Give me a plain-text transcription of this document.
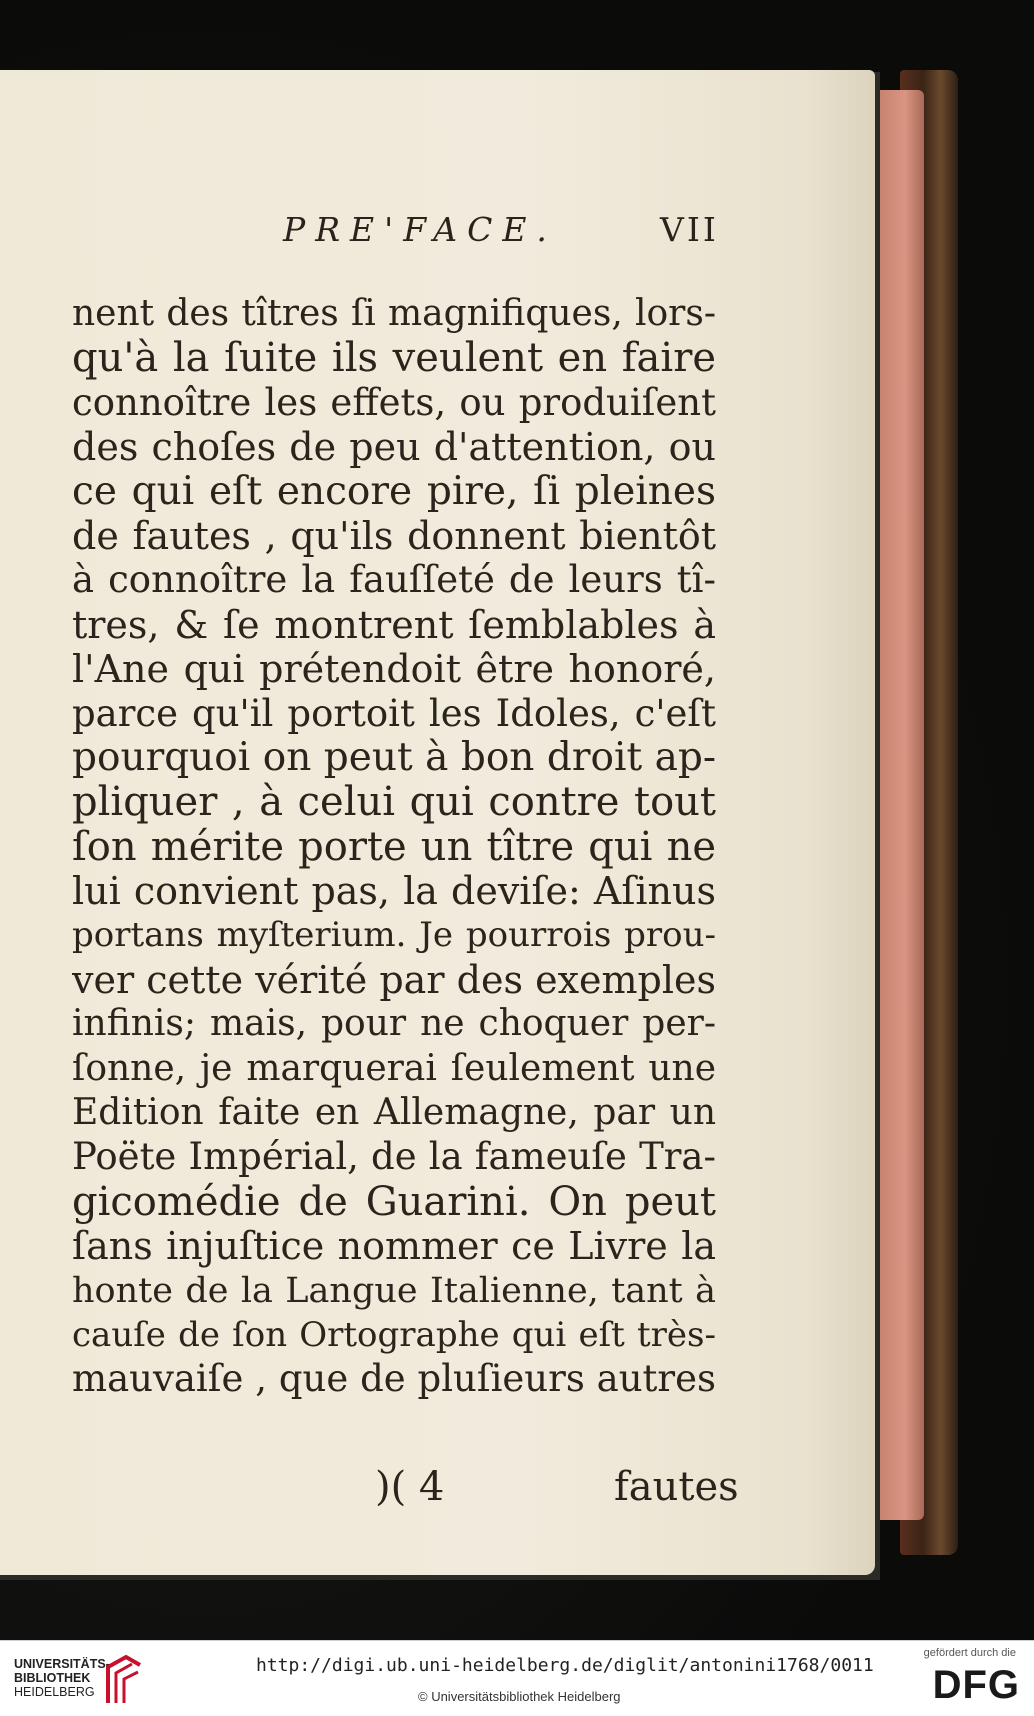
PRE'FACE.	VII
nent des tîtres ſi magnifiques, lors-
qu'à la ſuite ils veulent en faire
connoître les effets, ou produiſent
des choſes de peu d'attention, ou
ce qui eſt encore pire, ſi pleines
de fautes , qu'ils donnent bientôt
à connoître la fauſſeté de leurs tî-
tres, & ſe montrent ſemblables à
l'Ane qui prétendoit être honoré,
parce qu'il portoit les Idoles, c'eſt
pourquoi on peut à bon droit ap-
pliquer , à celui qui contre tout
ſon mérite porte un tître qui ne
lui convient pas, la deviſe: Aſinus
portans myſterium. Je pourrois prou-
ver cette vérité par des exemples
infinis; mais, pour ne choquer per-
ſonne, je marquerai ſeulement une
Edition faite en Allemagne, par un
Poëte Impérial, de la fameuſe Tra-
gicomédie de Guarini. On peut
ſans injuſtice nommer ce Livre la
honte de la Langue Italienne, tant à
cauſe de ſon Ortographe qui eſt très-
mauvaiſe , que de pluſieurs autres
)( 4	fautes
UNIVERSITÄTS-
BIBLIOTHEK
HEIDELBERG
http://digi.ub.uni-heidelberg.de/diglit/antonini1768/0011
© Universitätsbibliothek Heidelberg
gefördert durch die
DFG
